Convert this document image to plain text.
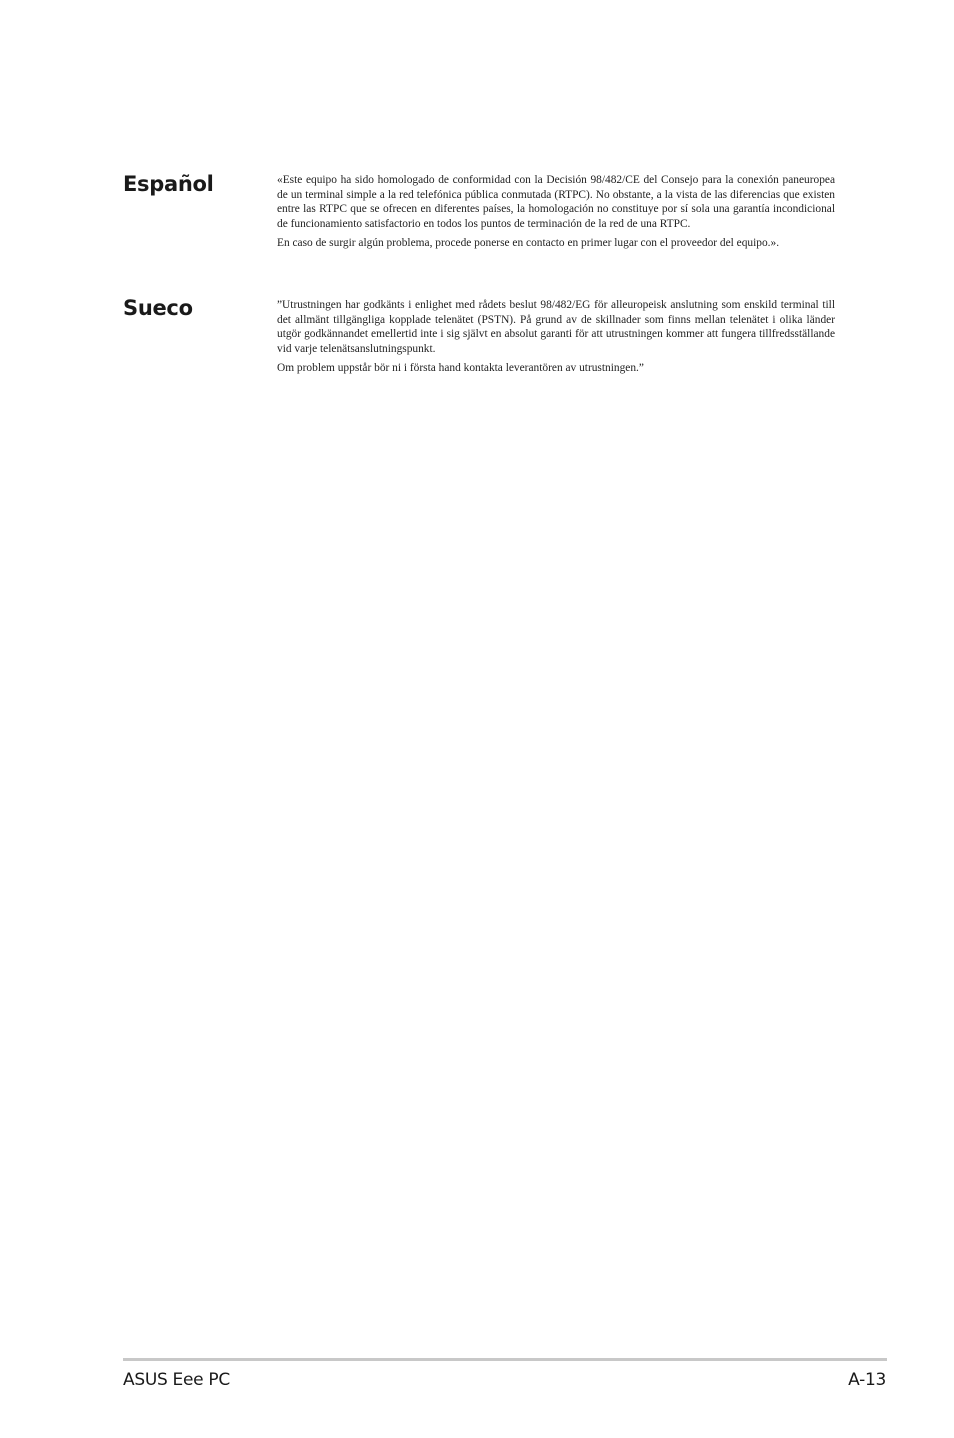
Español	«Este equipo ha sido homologado de conformidad con la Decisión 98/482/CE del Consejo para la conexión paneuropea de un terminal simple a la red telefónica pública conmutada (RTPC). No obstante, a la vista de las diferencias que existen entre las RTPC que se ofrecen en diferentes países, la homologación no constituye por sí sola una garantía incondicional de funcionamiento satisfactorio en todos los puntos de terminación de la red de una RTPC.

En caso de surgir algún problema, procede ponerse en contacto en primer lugar con el proveedor del equipo.».

Sueco	”Utrustningen har godkänts i enlighet med rådets beslut 98/482/EG för alleuropeisk anslutning som enskild terminal till det allmänt tillgängliga kopplade telenätet (PSTN). På grund av de skillnader som finns mellan telenätet i olika länder utgör godkännandet emellertid inte i sig självt en absolut garanti för att utrustningen kommer att fungera tillfredsställande vid varje telenätsanslutningspunkt.

Om problem uppstår bör ni i första hand kontakta leverantören av utrustningen.”

ASUS Eee PC	A-13
